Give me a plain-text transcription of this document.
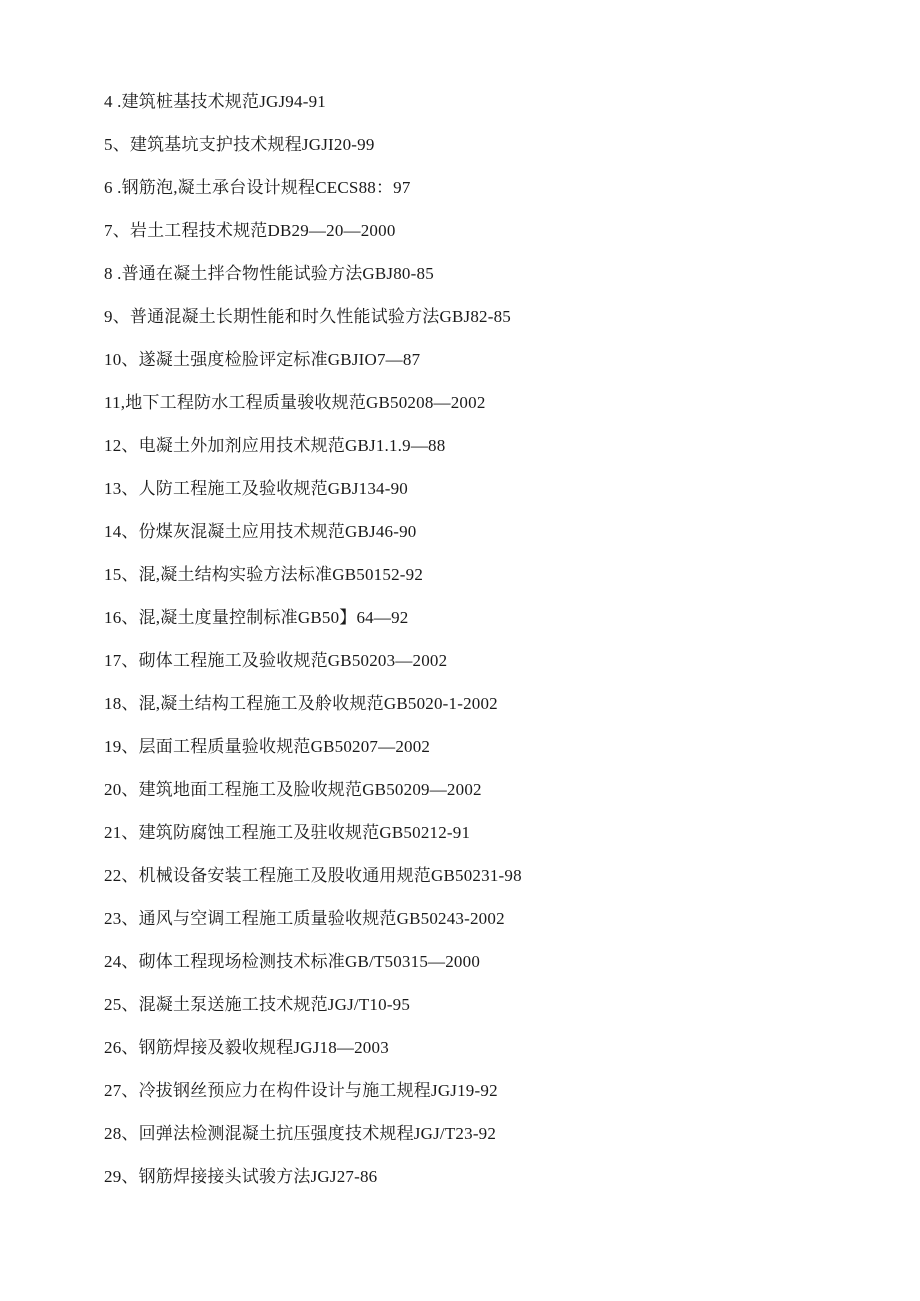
4 .建筑桩基技术规范JGJ94-91
5、建筑基坑支护技术规程JGJI20-99
6 .钢筋泡,凝土承台设计规程CECS88：97
7、岩土工程技术规范DB29—20—2000
8 .普通在凝土拌合物性能试验方法GBJ80-85
9、普通混凝土长期性能和时久性能试验方法GBJ82-85
10、遂凝土强度检脸评定标准GBJIO7—87
11,地下工程防水工程质量骏收规范GB50208—2002
12、电凝土外加剂应用技术规范GBJ1.1.9—88
13、人防工程施工及验收规范GBJ134-90
14、份煤灰混凝土应用技术规范GBJ46-90
15、混,凝土结构实验方法标准GB50152-92
16、混,凝土度量控制标准GB50】64—92
17、砌体工程施工及验收规范GB50203—2002
18、混,凝土结构工程施工及舲收规范GB5020-1-2002
19、层面工程质量验收规范GB50207—2002
20、建筑地面工程施工及脸收规范GB50209—2002
21、建筑防腐蚀工程施工及驻收规范GB50212-91
22、机械设备安装工程施工及股收通用规范GB50231-98
23、通风与空调工程施工质量验收规范GB50243-2002
24、砌体工程现场检测技术标准GB/T50315—2000
25、混凝土泵送施工技术规范JGJ/T10-95
26、钢筋焊接及毅收规程JGJ18—2003
27、冷拔钢丝预应力在构件设计与施工规程JGJ19-92
28、回弹法检测混凝土抗压强度技术规程JGJ/T23-92
29、钢筋焊接接头试骏方法JGJ27-86
